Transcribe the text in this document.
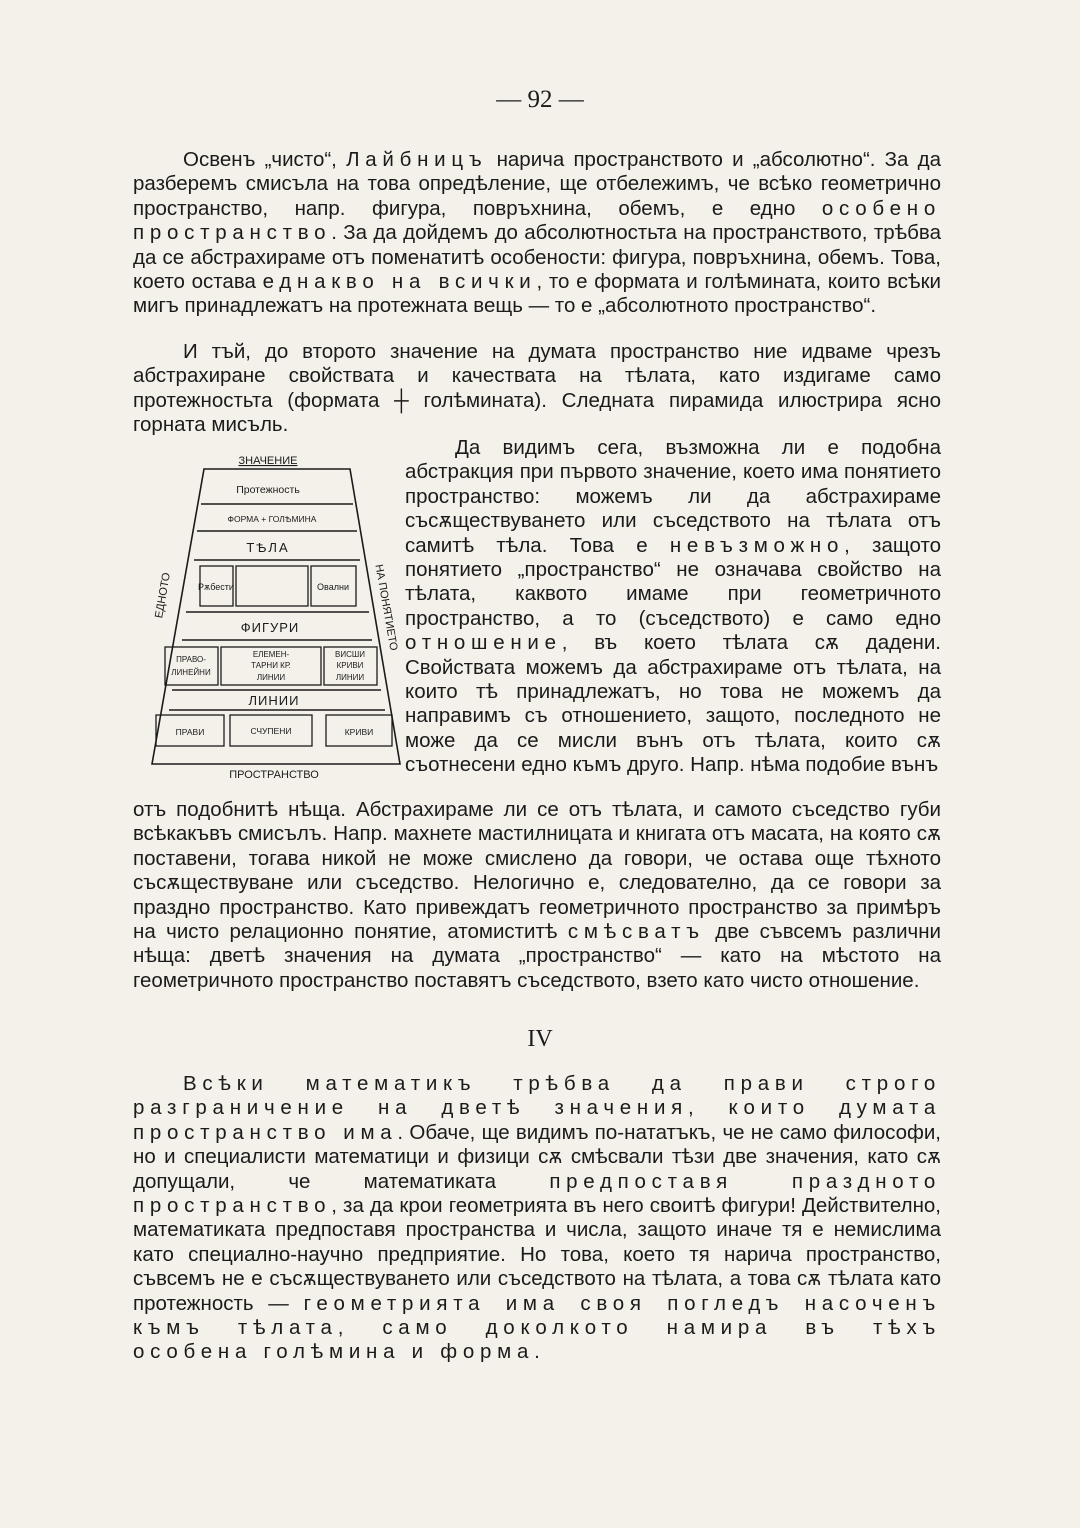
— 92 —

Освенъ „чисто“, Лайбницъ нарича пространството и „абсолютно“. За да разберемъ смисъла на това опредѣление, ще отбележимъ, че всѣко геометрично пространство, напр. фигура, повръхнина, обемъ, е едно особено пространство. За да дойдемъ до абсолютностьта на пространството, трѣбва да се абстрахираме отъ поменатитѣ особености: фигура, повръхнина, обемъ. Това, което остава еднакво на всички, то е формата и голѣмината, които всѣки мигъ принадлежатъ на протежната вещь — то е „абсолютното пространство“.

И тъй, до второто значение на думата пространство ние идваме чрезъ абстрахиране свойствата и качествата на тѣлата, като издигаме само протежностьта (формата ┼ голѣмината). Следната пирамида илюстрира ясно горната мисъль.

ЗНАЧЕНИЕ
Протежность
ФОРМА + ГОЛѢМИНА
ТѢЛА
Рѫбести	Овални
ФИГУРИ
ПРАВО-
ЛИНЕЙНИ
ЕЛЕМЕН-
ТАРНИ КР.
ЛИНИИ
ВИСШИ
КРИВИ
ЛИНИИ
ЛИНИИ
ПРАВИ	СЧУПЕНИ	КРИВИ
ПРОСТРАНСТВО
ЕДНОТО	НА ПОНЯТИЕТО

Да видимъ сега, възможна ли е подобна абстракция при първото значение, което има понятието пространство: можемъ ли да абстрахираме съсѫществуването или съседството на тѣлата отъ самитѣ тѣла. Това е невъзможно, защото понятието „пространство“ не означава свойство на тѣлата, каквото имаме при геометричното пространство, а то (съседството) е само едно отношение, въ което тѣлата сѫ дадени. Свойствата можемъ да абстрахираме отъ тѣлата, на които тѣ принадлежатъ, но това не можемъ да направимъ съ отношението, защото, последното не може да се мисли вънъ отъ тѣлата, които сѫ съотнесени едно къмъ друго. Напр. нѣма подобие вънъ

отъ подобнитѣ нѣща. Абстрахираме ли се отъ тѣлата, и самото съседство губи всѣкакъвъ смисълъ. Напр. махнете мастилницата и книгата отъ масата, на която сѫ поставени, тогава никой не може смислено да говори, че остава още тѣхното съсѫществуване или съседство. Нелогично е, следователно, да се говори за праздно пространство. Като привеждатъ геометричното пространство за примѣръ на чисто релационно понятие, атомиститѣ смѣсватъ две съвсемъ различни нѣща: дветѣ значения на думата „пространство“ — като на мѣстото на геометричното пространство поставятъ съседството, взето като чисто отношение.

IV

Всѣки математикъ трѣбва да прави строго разграничение на дветѣ значения, които думата пространство има. Обаче, ще видимъ по-нататъкъ, че не само философи, но и специалисти математици и физици сѫ смѣсвали тѣзи две значения, като сѫ допущали, че математиката предпоставя праздното пространство, за да крои геометрията въ него своитѣ фигури! Действително, математиката предпоставя пространства и числа, защото иначе тя е немислима като специално-научно предприятие. Но това, което тя нарича пространство, съвсемъ не е съсѫществуването или съседството на тѣлата, а това сѫ тѣлата като протежность — геометрията има своя погледъ насоченъ къмъ тѣлата, само доколкото намира въ тѣхъ особена голѣмина и форма.
